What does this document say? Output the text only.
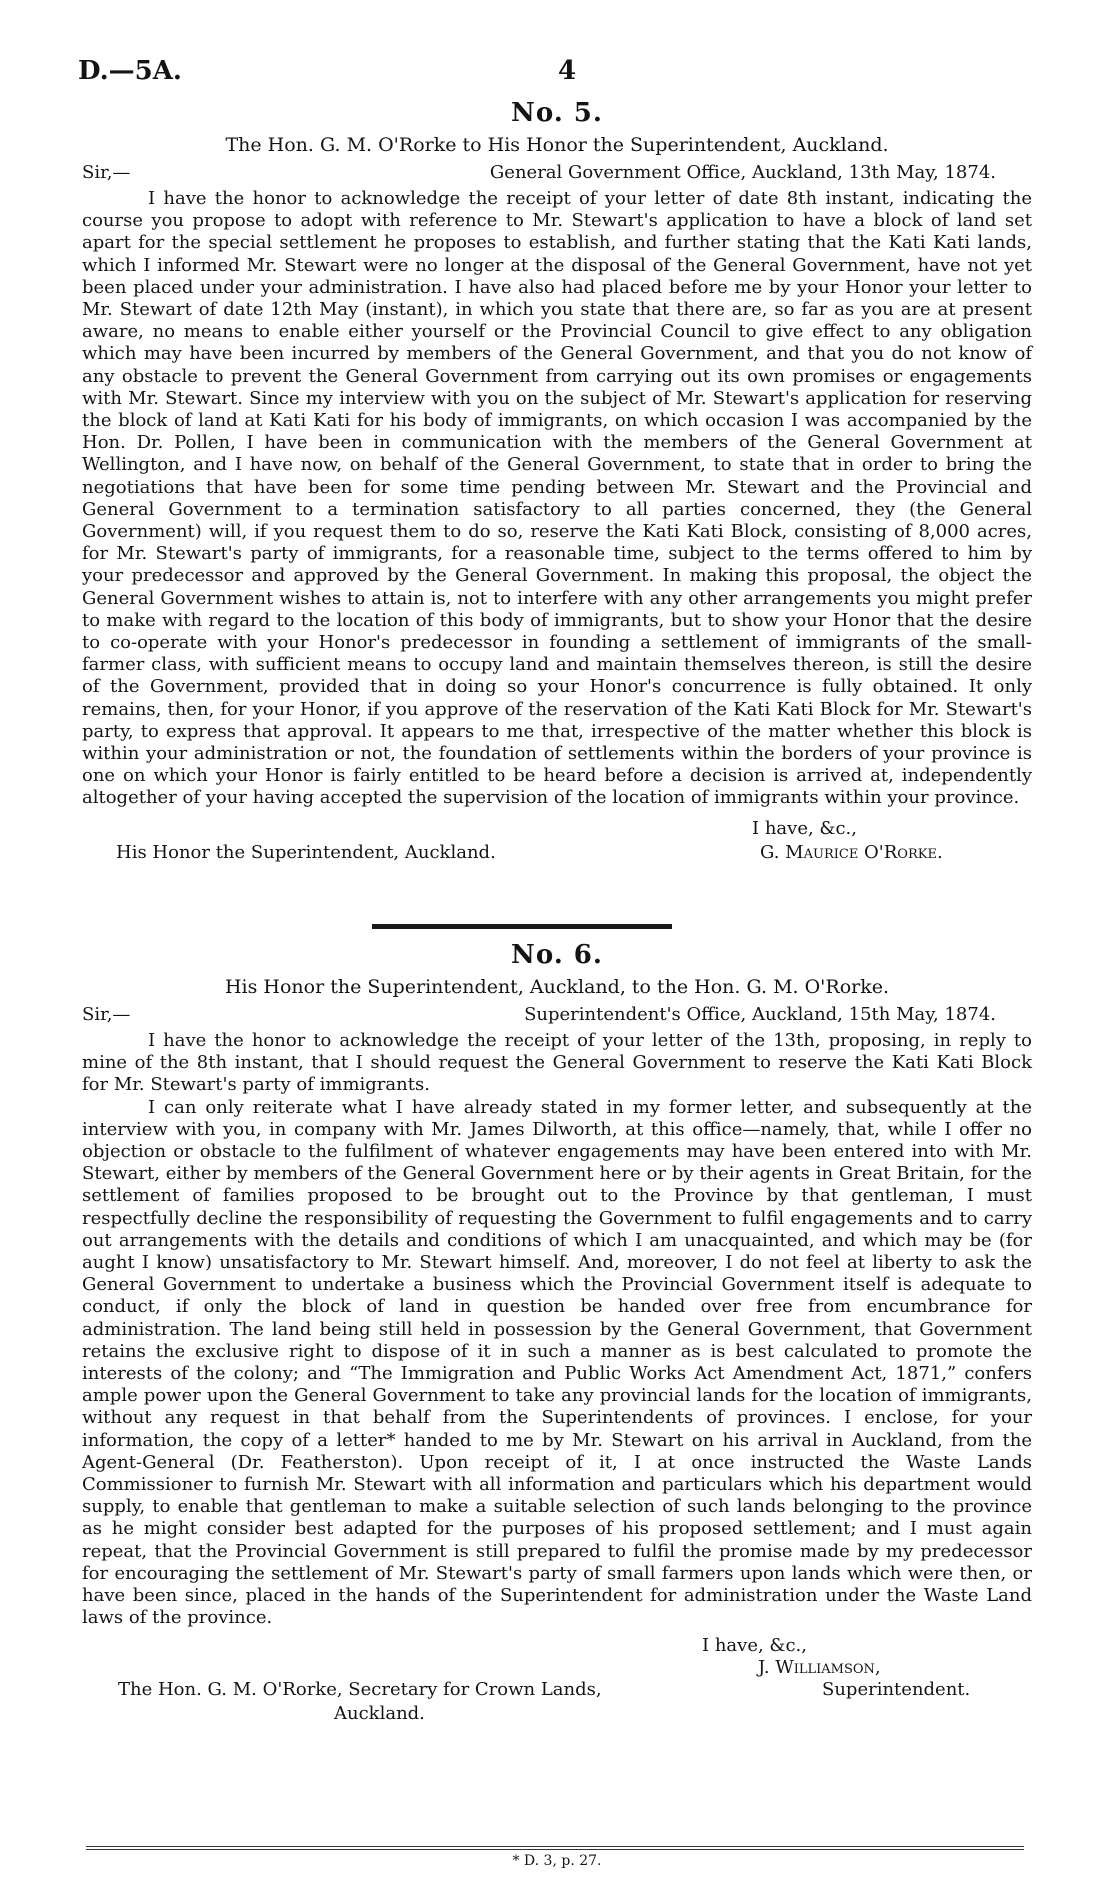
D.—5A.	4
No. 5.
The Hon. G. M. O'Rorke to His Honor the Superintendent, Auckland.
Sir,—	General Government Office, Auckland, 13th May, 1874.

I have the honor to acknowledge the receipt of your letter of date 8th instant, indicating the course you propose to adopt with reference to Mr. Stewart's application to have a block of land set apart for the special settlement he proposes to establish, and further stating that the Kati Kati lands, which I informed Mr. Stewart were no longer at the disposal of the General Government, have not yet been placed under your administration. I have also had placed before me by your Honor your letter to Mr. Stewart of date 12th May (instant), in which you state that there are, so far as you are at present aware, no means to enable either yourself or the Provincial Council to give effect to any obligation which may have been incurred by members of the General Government, and that you do not know of any obstacle to prevent the General Government from carrying out its own promises or engagements with Mr. Stewart. Since my interview with you on the subject of Mr. Stewart's application for reserving the block of land at Kati Kati for his body of immigrants, on which occasion I was accompanied by the Hon. Dr. Pollen, I have been in communication with the members of the General Government at Wellington, and I have now, on behalf of the General Government, to state that in order to bring the negotiations that have been for some time pending between Mr. Stewart and the Provincial and General Government to a termination satisfactory to all parties concerned, they (the General Government) will, if you request them to do so, reserve the Kati Kati Block, consisting of 8,000 acres, for Mr. Stewart's party of immigrants, for a reasonable time, subject to the terms offered to him by your predecessor and approved by the General Government. In making this proposal, the object the General Government wishes to attain is, not to interfere with any other arrangements you might prefer to make with regard to the location of this body of immigrants, but to show your Honor that the desire to co-operate with your Honor's predecessor in founding a settlement of immigrants of the small-farmer class, with sufficient means to occupy land and maintain themselves thereon, is still the desire of the Government, provided that in doing so your Honor's concurrence is fully obtained. It only remains, then, for your Honor, if you approve of the reservation of the Kati Kati Block for Mr. Stewart's party, to express that approval. It appears to me that, irrespective of the matter whether this block is within your administration or not, the foundation of settlements within the borders of your province is one on which your Honor is fairly entitled to be heard before a decision is arrived at, independently altogether of your having accepted the supervision of the location of immigrants within your province.

I have, &c.,
His Honor the Superintendent, Auckland.	G. Maurice O'Rorke.
No. 6.
His Honor the Superintendent, Auckland, to the Hon. G. M. O'Rorke.
Sir,—	Superintendent's Office, Auckland, 15th May, 1874.

I have the honor to acknowledge the receipt of your letter of the 13th, proposing, in reply to mine of the 8th instant, that I should request the General Government to reserve the Kati Kati Block for Mr. Stewart's party of immigrants.

I can only reiterate what I have already stated in my former letter, and subsequently at the interview with you, in company with Mr. James Dilworth, at this office—namely, that, while I offer no objection or obstacle to the fulfilment of whatever engagements may have been entered into with Mr. Stewart, either by members of the General Government here or by their agents in Great Britain, for the settlement of families proposed to be brought out to the Province by that gentleman, I must respectfully decline the responsibility of requesting the Government to fulfil engagements and to carry out arrangements with the details and conditions of which I am unacquainted, and which may be (for aught I know) unsatisfactory to Mr. Stewart himself. And, moreover, I do not feel at liberty to ask the General Government to undertake a business which the Provincial Government itself is adequate to conduct, if only the block of land in question be handed over free from encumbrance for administration. The land being still held in possession by the General Government, that Government retains the exclusive right to dispose of it in such a manner as is best calculated to promote the interests of the colony; and “The Immigration and Public Works Act Amendment Act, 1871,” confers ample power upon the General Government to take any provincial lands for the location of immigrants, without any request in that behalf from the Superintendents of provinces. I enclose, for your information, the copy of a letter* handed to me by Mr. Stewart on his arrival in Auckland, from the Agent-General (Dr. Featherston). Upon receipt of it, I at once instructed the Waste Lands Commissioner to furnish Mr. Stewart with all information and particulars which his department would supply, to enable that gentleman to make a suitable selection of such lands belonging to the province as he might consider best adapted for the purposes of his proposed settlement; and I must again repeat, that the Provincial Government is still prepared to fulfil the promise made by my predecessor for encouraging the settlement of Mr. Stewart's party of small farmers upon lands which were then, or have been since, placed in the hands of the Superintendent for administration under the Waste Land laws of the province.

I have, &c.,
J. Williamson,
The Hon. G. M. O'Rorke, Secretary for Crown Lands,	Superintendent.
Auckland.
* D. 3, p. 27.
